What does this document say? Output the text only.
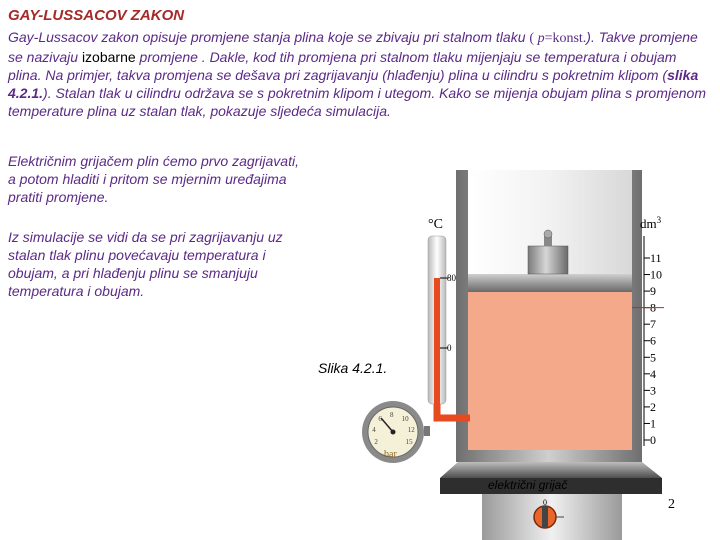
GAY-LUSSACOV ZAKON
Gay-Lussacov zakon opisuje promjene stanja plina koje se zbivaju pri stalnom tlaku ( p=konst.). Takve promjene se nazivaju izobarne promjene . Dakle, kod tih promjena pri stalnom tlaku mijenjaju se temperatura i obujam plina. Na primjer, takva promjena se dešava pri zagrijavanju (hlađenju) plina u cilindru s pokretnim klipom (slika 4.2.1.). Stalan tlak u cilindru održava se s pokretnim klipom i utegom. Kako se mijenja obujam plina s promjenom temperature plina uz stalan tlak, pokazuje sljedeća simulacija.
Električnim grijačem plin ćemo prvo zagrijavati, a potom hladiti i pritom se mjernim uređajima pratiti promjene.
Iz simulacije se vidi da se pri zagrijavanju uz stalan tlak plinu povećavaju temperatura i obujam, a pri hlađenju plinu se smanjuju temperatura i obujam.
11
10
9
8
7
6
5
4
3
2
1
0
°C
80
0
$dm^3$
bar
2
4
6
8
10
12
15
0
Slika 4.2.1.
električni grijač
2
